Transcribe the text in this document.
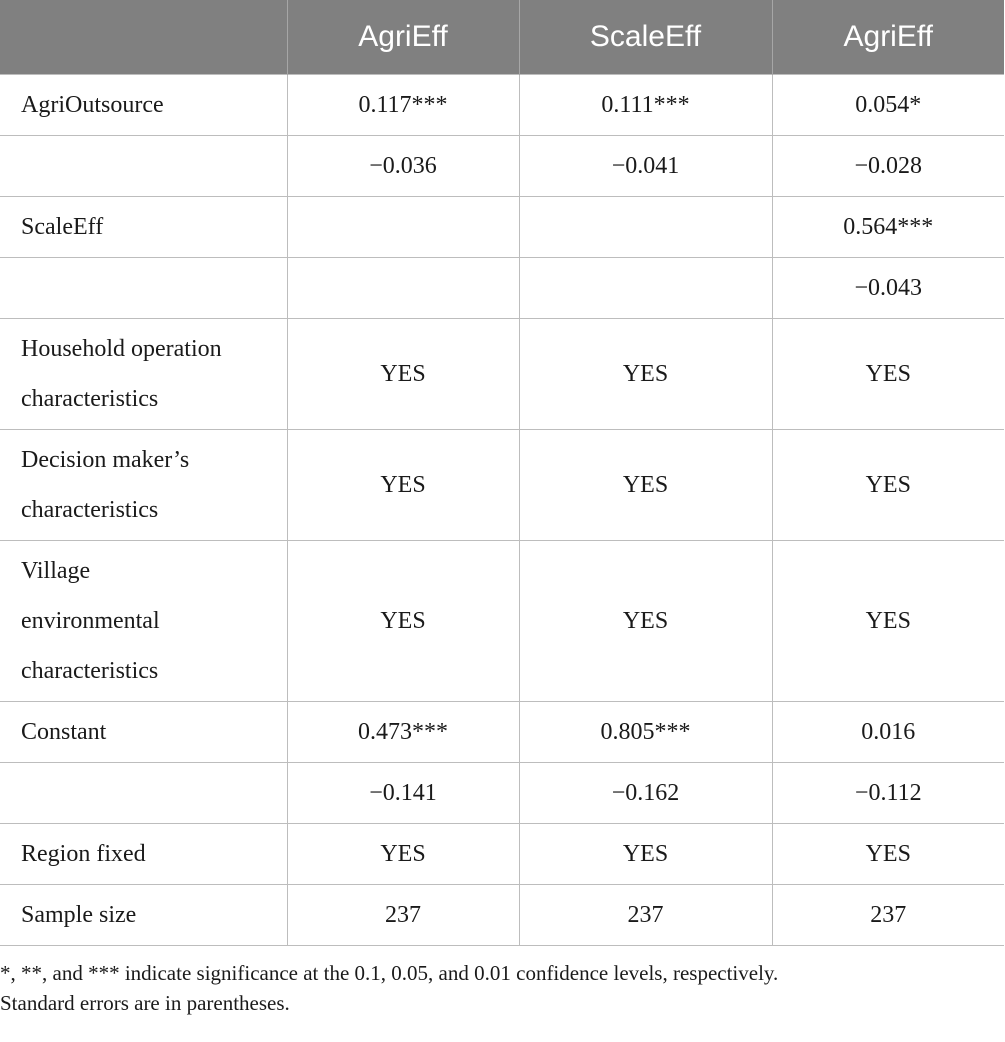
	AgriEff	ScaleEff	AgriEff
AgriOutsource	0.117***	0.111***	0.054*
	−0.036	−0.041	−0.028
ScaleEff			0.564***
			−0.043
Household operation characteristics	YES	YES	YES
Decision maker’s characteristics	YES	YES	YES
Village environmental characteristics	YES	YES	YES
Constant	0.473***	0.805***	0.016
	−0.141	−0.162	−0.112
Region fixed	YES	YES	YES
Sample size	237	237	237

*, **, and *** indicate significance at the 0.1, 0.05, and 0.01 confidence levels, respectively.

Standard errors are in parentheses.
